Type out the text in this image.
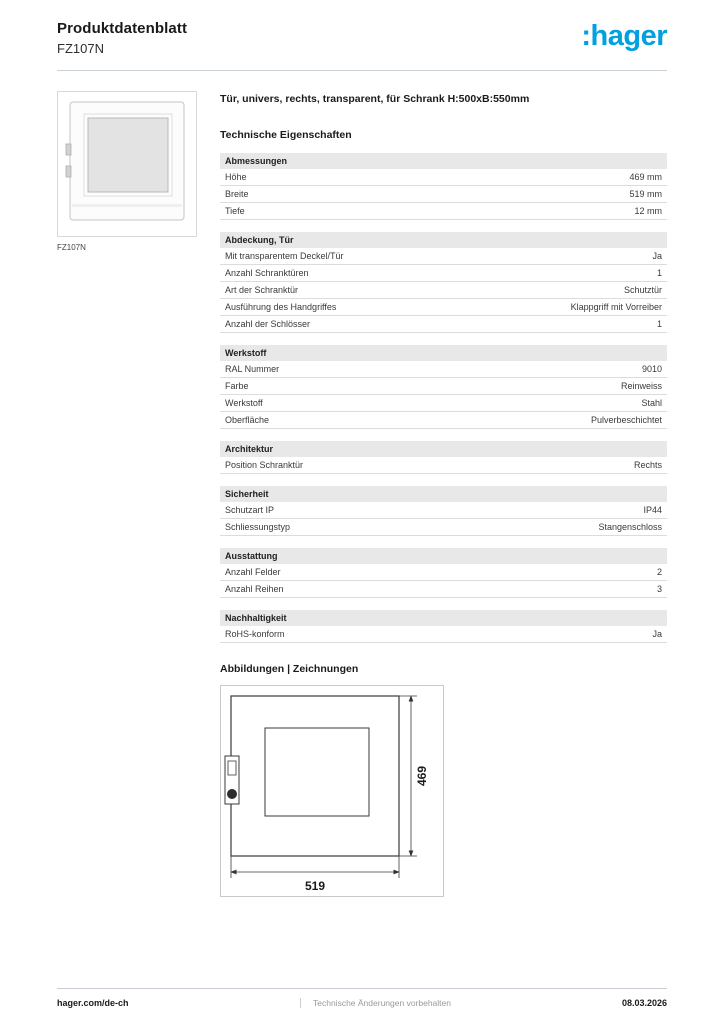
Produktdatenblatt
FZ107N	:hager
FZ107N
Tür, univers, rechts, transparent, für Schrank H:500xB:550mm
Technische Eigenschaften
Abmessungen
Höhe	469 mm
Breite	519 mm
Tiefe	12 mm
Abdeckung, Tür
Mit transparentem Deckel/Tür	Ja
Anzahl Schranktüren	1
Art der Schranktür	Schutztür
Ausführung des Handgriffes	Klappgriff mit Vorreiber
Anzahl der Schlösser	1
Werkstoff
RAL Nummer	9010
Farbe	Reinweiss
Werkstoff	Stahl
Oberfläche	Pulverbeschichtet
Architektur
Position Schranktür	Rechts
Sicherheit
Schutzart IP	IP44
Schliessungstyp	Stangenschloss
Ausstattung
Anzahl Felder	2
Anzahl Reihen	3
Nachhaltigkeit
RoHS-konform	Ja
Abbildungen | Zeichnungen
469
519
hager.com/de-ch	Technische Änderungen vorbehalten	08.03.2026
